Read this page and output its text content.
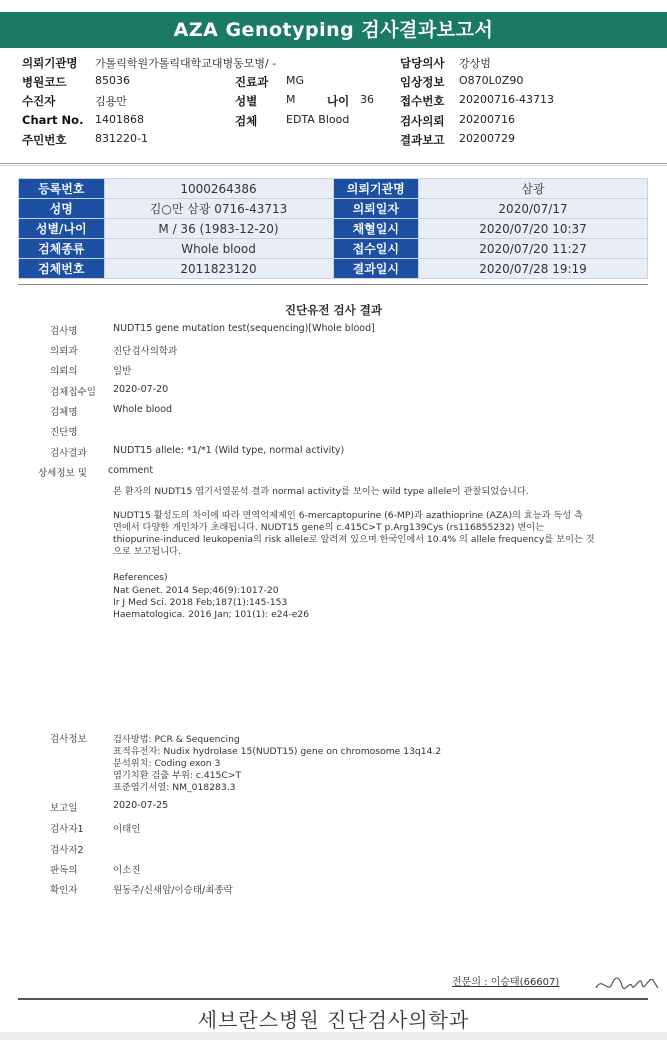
AZA Genotyping 검사결과보고서
의뢰기관명 가톨릭학원가톨릭대학교대병동모병/ -	담당의사 강상범
병원코드	85036	진료과 MG	임상정보 O870L0Z90
수진자	김용만	성별	M	나이 36 접수번호 20200716-43713
Chart No. 1401868	검체	EDTA Blood	검사의뢰 20200716
주민번호	831220-1	결과보고 20200729
등록번호	1000264386	의뢰기관명	삼광
성명	김○만 삼광 0716-43713	의뢰일자	2020/07/17
성별/나이	M / 36 (1983-12-20)	채혈일시	2020/07/20 10:37
검체종류	Whole blood	접수일시	2020/07/20 11:27
검체번호	2011823120	결과일시	2020/07/28 19:19
진단유전 검사 결과
검사명	NUDT15 gene mutation test(sequencing)[Whole blood]
의뢰과	진단검사의학과
의뢰의	일반
검체접수일 2020-07-20
검체명	Whole blood
진단명
검사결과	NUDT15 allele: *1/*1 (Wild type, normal activity)
상세정보 및 comment
본 환자의 NUDT15 염기서열분석 결과 normal activity를 보이는 wild type allele이 관찰되었습니다.
NUDT15 활성도의 차이에 따라 면역억제제인 6-mercaptopurine (6-MP)과 azathioprine (AZA)의 효능과 독성 측
면에서 다양한 개인차가 초래됩니다. NUDT15 gene의 c.415C>T p.Arg139Cys (rs116855232) 변이는
thiopurine-induced leukopenia의 risk allele로 알려져 있으며 한국인에서 10.4% 의 allele frequency를 보이는 것
으로 보고됩니다.
References)
Nat Genet. 2014 Sep;46(9):1017-20
Ir J Med Sci. 2018 Feb;187(1):145-153
Haematologica. 2016 Jan; 101(1): e24-e26
검사정보	검사방법: PCR & Sequencing
표적유전자: Nudix hydrolase 15(NUDT15) gene on chromosome 13q14.2
분석위치: Coding exon 3
염기치환 검출 부위: c.415C>T
표준염기서열: NM_018283.3
보고일	2020-07-25
검사자1	이태인
검사자2
판독의	이소진
확인자	원동주/신새암/이승태/최종락
전문의 : 이승태(66607)
세브란스병원 진단검사의학과
